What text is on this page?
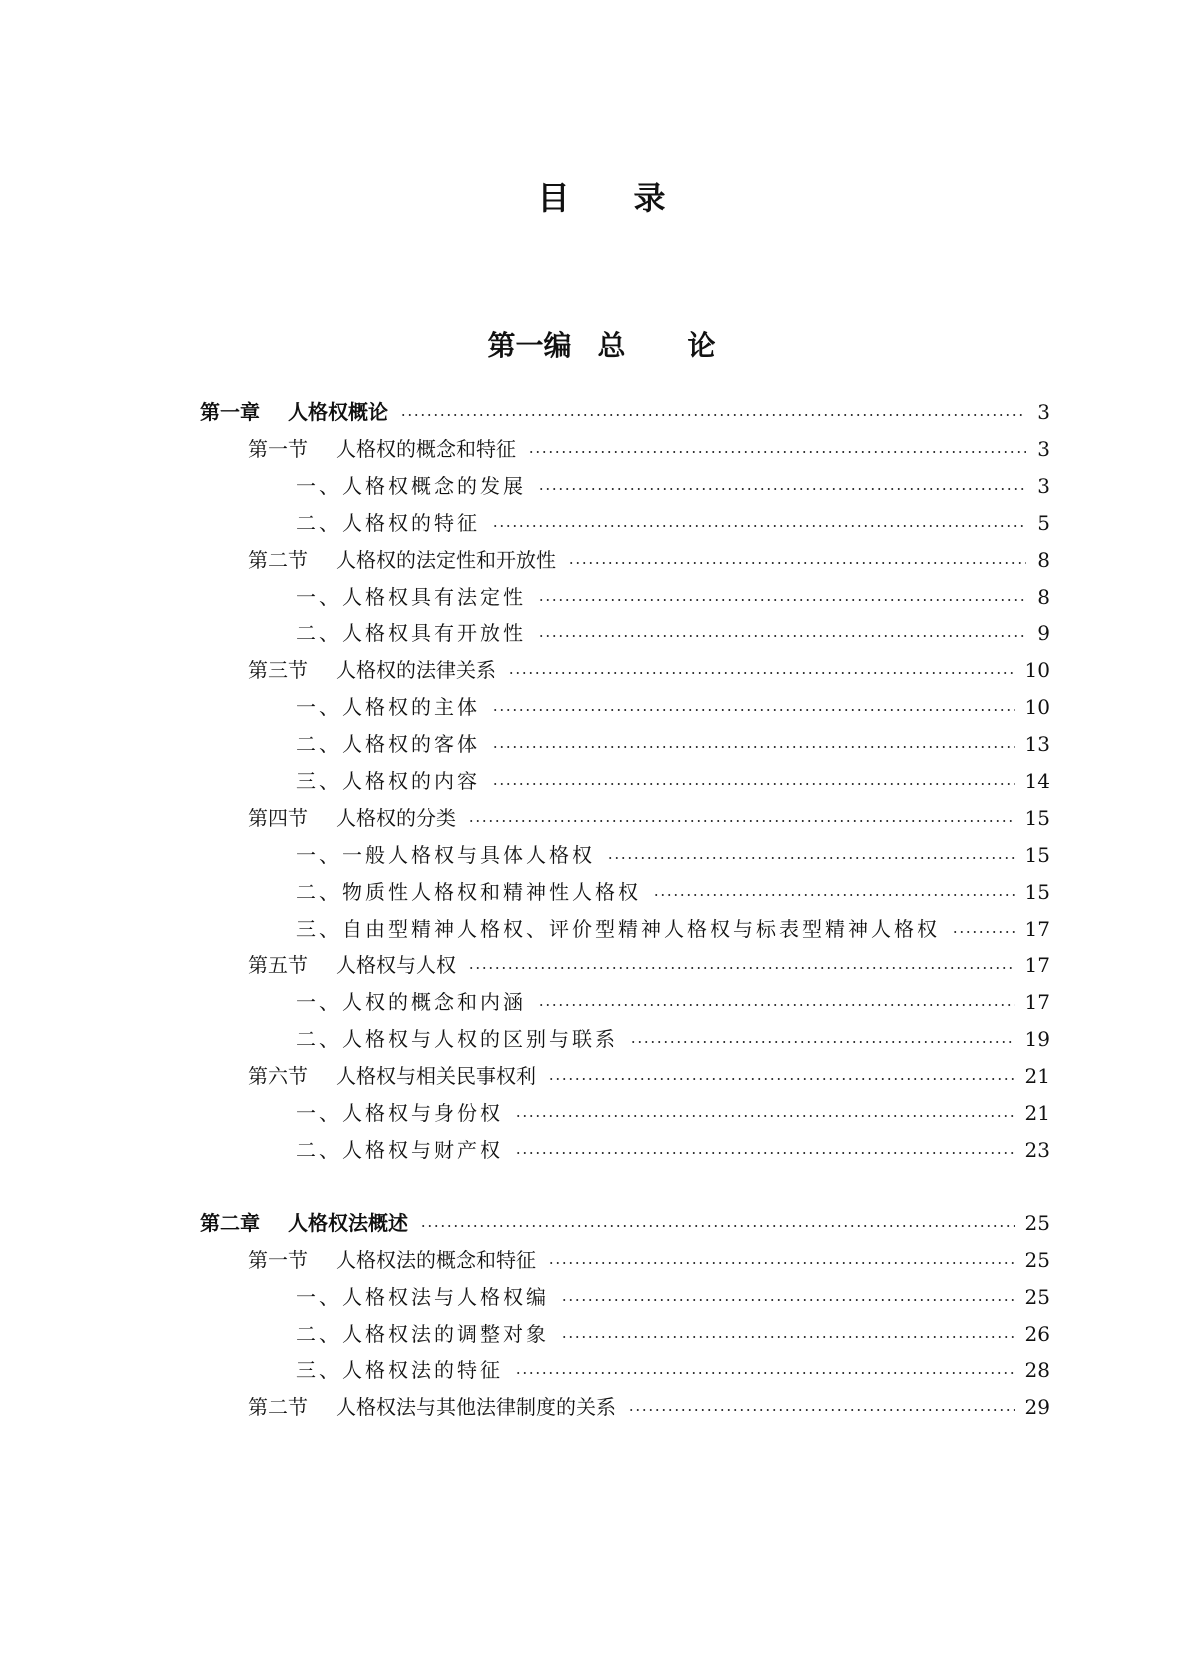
目录
第一编 总 论
第一章 人格权概论	3
第一节 人格权的概念和特征	3
一、人格权概念的发展	3
二、人格权的特征	5
第二节 人格权的法定性和开放性	8
一、人格权具有法定性	8
二、人格权具有开放性	9
第三节 人格权的法律关系	10
一、人格权的主体	10
二、人格权的客体	13
三、人格权的内容	14
第四节 人格权的分类	15
一、一般人格权与具体人格权	15
二、物质性人格权和精神性人格权	15
三、自由型精神人格权、评价型精神人格权与标表型精神人格权	17
第五节 人格权与人权	17
一、人权的概念和内涵	17
二、人格权与人权的区别与联系	19
第六节 人格权与相关民事权利	21
一、人格权与身份权	21
二、人格权与财产权	23
第二章 人格权法概述	25
第一节 人格权法的概念和特征	25
一、人格权法与人格权编	25
二、人格权法的调整对象	26
三、人格权法的特征	28
第二节 人格权法与其他法律制度的关系	29
